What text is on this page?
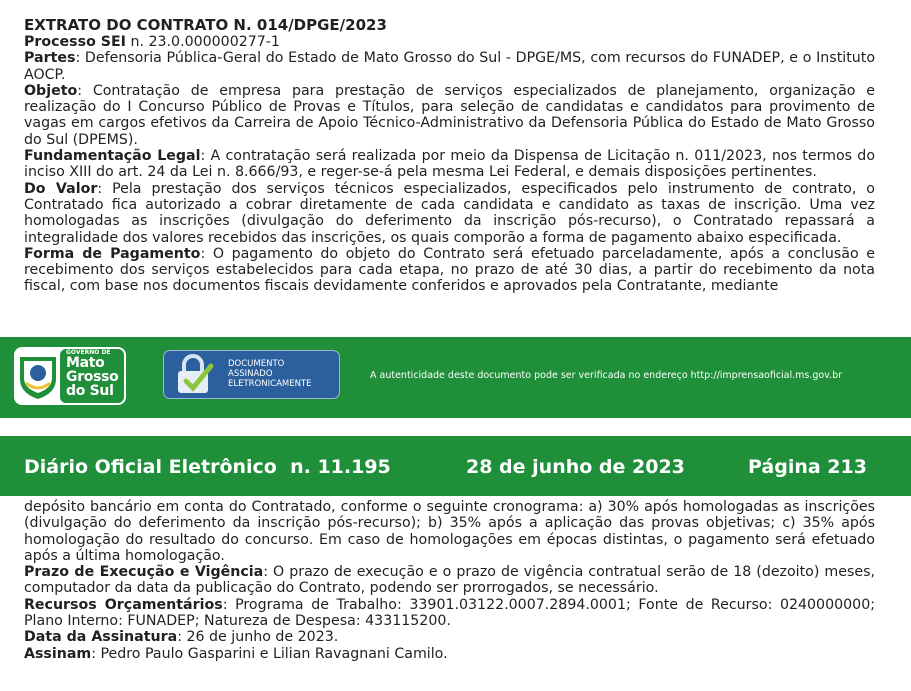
EXTRATO DO CONTRATO N. 014/DPGE/2023

Processo SEI n. 23.0.000000277-1

Partes: Defensoria Pública-Geral do Estado de Mato Grosso do Sul - DPGE/MS, com recursos do FUNADEP, e o Instituto AOCP.

Objeto: Contratação de empresa para prestação de serviços especializados de planejamento, organização e realização do I Concurso Público de Provas e Títulos, para seleção de candidatas e candidatos para provimento de vagas em cargos efetivos da Carreira de Apoio Técnico-Administrativo da Defensoria Pública do Estado de Mato Grosso do Sul (DPEMS).

Fundamentação Legal: A contratação será realizada por meio da Dispensa de Licitação n. 011/2023, nos termos do inciso XIII do art. 24 da Lei n. 8.666/93, e reger-se-á pela mesma Lei Federal, e demais disposições pertinentes.

Do Valor: Pela prestação dos serviços técnicos especializados, especificados pelo instrumento de contrato, o Contratado fica autorizado a cobrar diretamente de cada candidata e candidato as taxas de inscrição. Uma vez homologadas as inscrições (divulgação do deferimento da inscrição pós-recurso), o Contratado repassará a integralidade dos valores recebidos das inscrições, os quais comporão a forma de pagamento abaixo especificada.

Forma de Pagamento: O pagamento do objeto do Contrato será efetuado parceladamente, após a conclusão e recebimento dos serviços estabelecidos para cada etapa, no prazo de até 30 dias, a partir do recebimento da nota fiscal, com base nos documentos fiscais devidamente conferidos e aprovados pela Contratante, mediante

GOVERNO DE
Mato
Grosso
do Sul
DOCUMENTO
ASSINADO
ELETRONICAMENTE
A autenticidade deste documento pode ser verificada no endereço http://imprensaoficial.ms.gov.br
Diário Oficial Eletrônico  n. 11.195	28 de junho de 2023	Página 213

depósito bancário em conta do Contratado, conforme o seguinte cronograma: a) 30% após homologadas as inscrições (divulgação do deferimento da inscrição pós-recurso); b) 35% após a aplicação das provas objetivas; c) 35% após homologação do resultado do concurso. Em caso de homologações em épocas distintas, o pagamento será efetuado após a última homologação.

Prazo de Execução e Vigência: O prazo de execução e o prazo de vigência contratual serão de 18 (dezoito) meses, computador da data da publicação do Contrato, podendo ser prorrogados, se necessário.

Recursos Orçamentários: Programa de Trabalho: 33901.03122.0007.2894.0001; Fonte de Recurso: 0240000000; Plano Interno: FUNADEP; Natureza de Despesa: 433115200.

Data da Assinatura: 26 de junho de 2023.

Assinam: Pedro Paulo Gasparini e Lilian Ravagnani Camilo.
